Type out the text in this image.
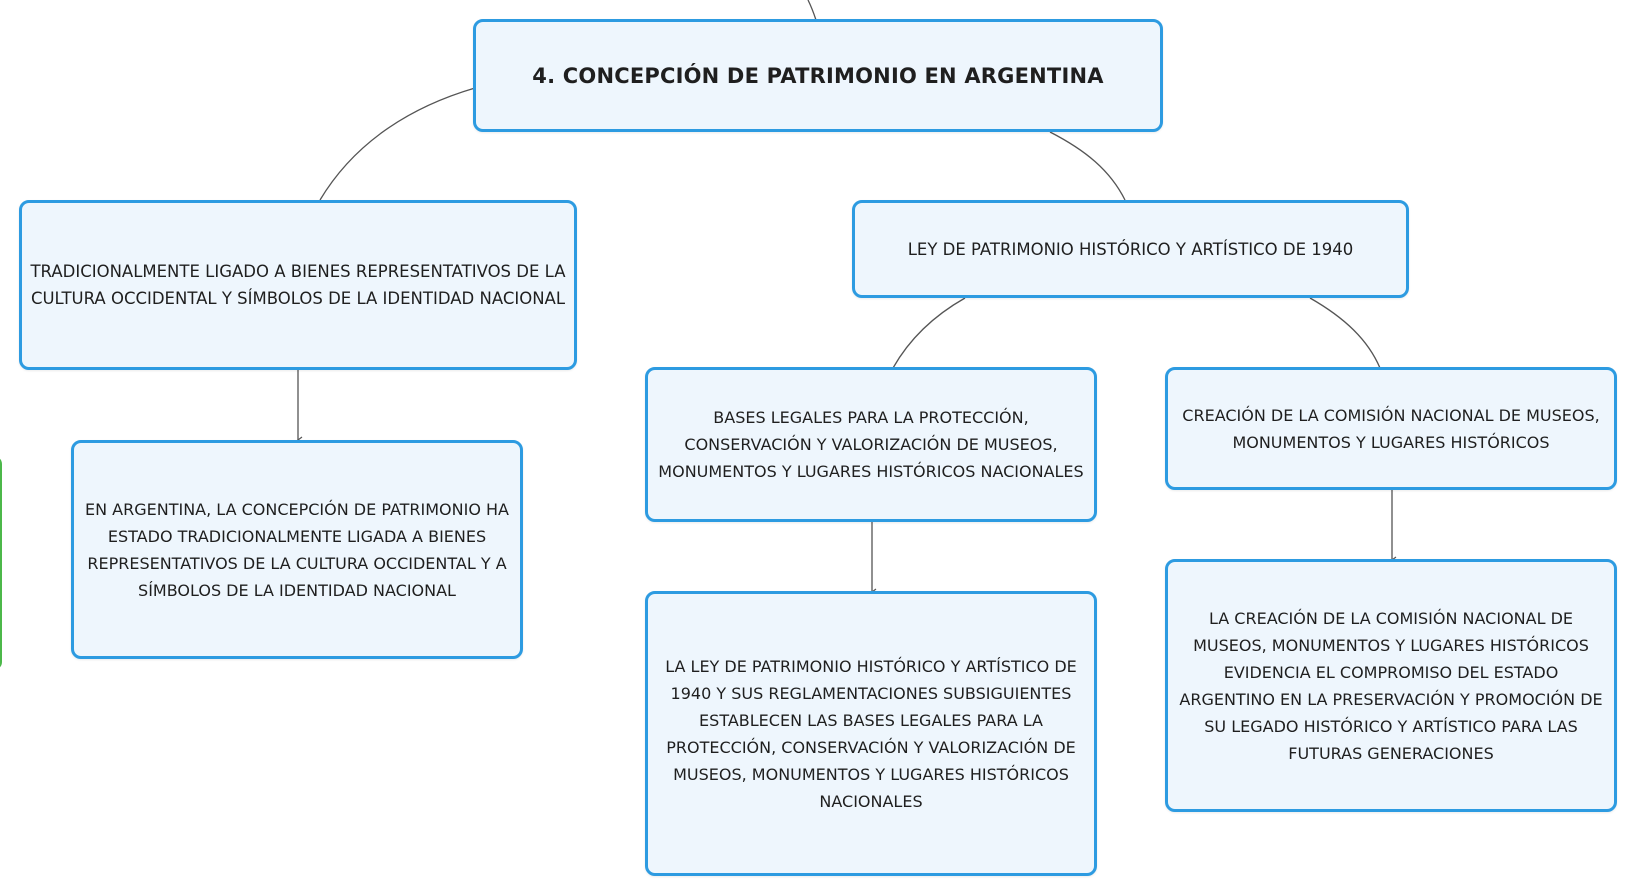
4. CONCEPCIÓN DE PATRIMONIO EN ARGENTINA
TRADICIONALMENTE LIGADO A BIENES REPRESENTATIVOS DE LA CULTURA OCCIDENTAL Y SÍMBOLOS DE LA IDENTIDAD NACIONAL
EN ARGENTINA, LA CONCEPCIÓN DE PATRIMONIO HA ESTADO TRADICIONALMENTE LIGADA A BIENES REPRESENTATIVOS DE LA CULTURA OCCIDENTAL Y A SÍMBOLOS DE LA IDENTIDAD NACIONAL
LEY DE PATRIMONIO HISTÓRICO Y ARTÍSTICO DE 1940
BASES LEGALES PARA LA PROTECCIÓN, CONSERVACIÓN Y VALORIZACIÓN DE MUSEOS, MONUMENTOS Y LUGARES HISTÓRICOS NACIONALES
LA LEY DE PATRIMONIO HISTÓRICO Y ARTÍSTICO DE 1940 Y SUS REGLAMENTACIONES SUBSIGUIENTES ESTABLECEN LAS BASES LEGALES PARA LA PROTECCIÓN, CONSERVACIÓN Y VALORIZACIÓN DE MUSEOS, MONUMENTOS Y LUGARES HISTÓRICOS NACIONALES
CREACIÓN DE LA COMISIÓN NACIONAL DE MUSEOS, MONUMENTOS Y LUGARES HISTÓRICOS
LA CREACIÓN DE LA COMISIÓN NACIONAL DE MUSEOS, MONUMENTOS Y LUGARES HISTÓRICOS EVIDENCIA EL COMPROMISO DEL ESTADO ARGENTINO EN LA PRESERVACIÓN Y PROMOCIÓN DE SU LEGADO HISTÓRICO Y ARTÍSTICO PARA LAS FUTURAS GENERACIONES
